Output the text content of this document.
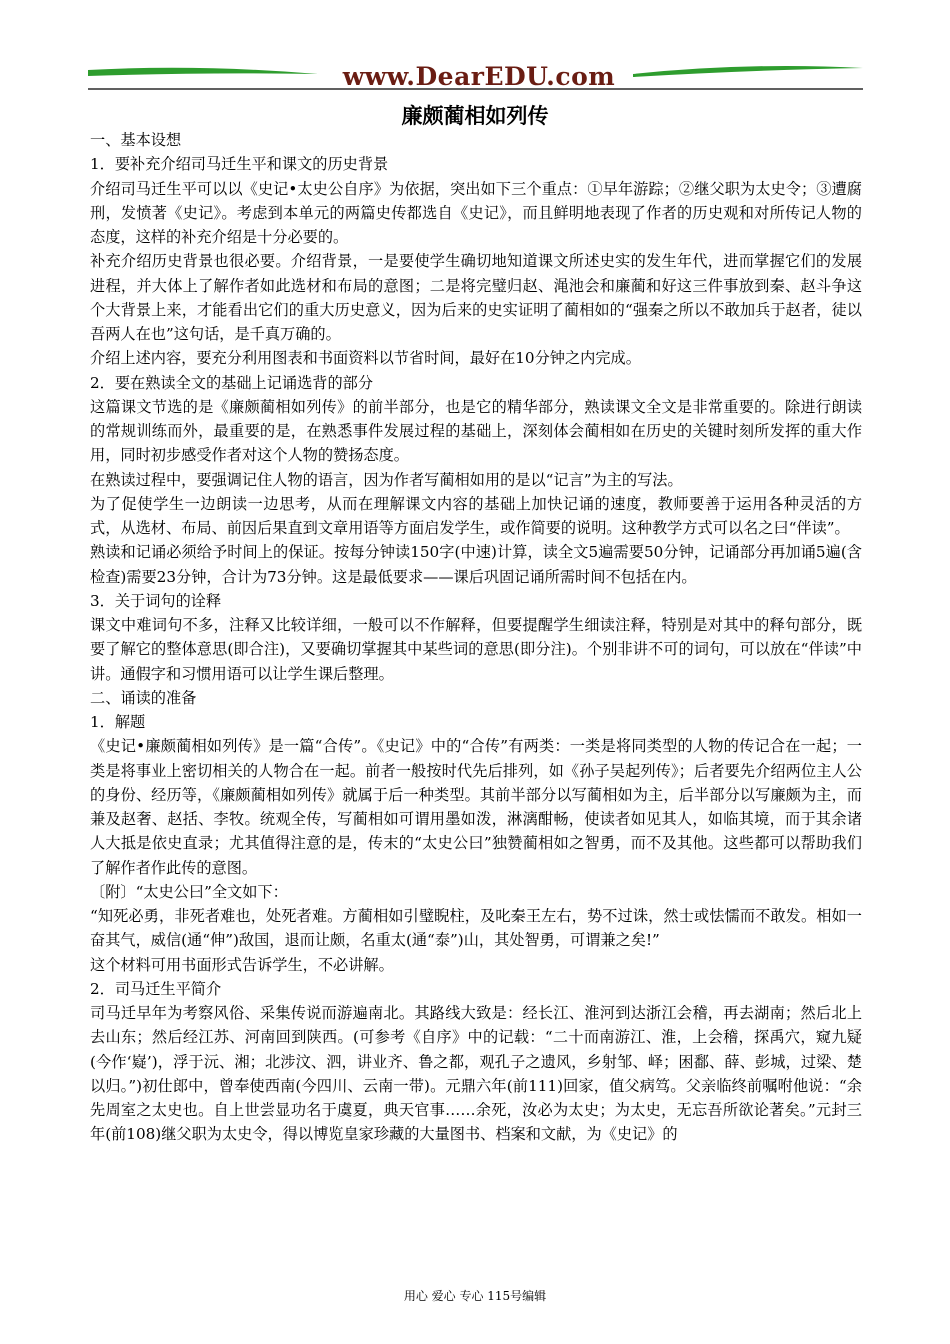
www.DearEDU.com
廉颇蔺相如列传

一、基本设想

1．要补充介绍司马迁生平和课文的历史背景

介绍司马迁生平可以以《史记•太史公自序》为依据，突出如下三个重点：①早年游踪；②继父职为太史令；③遭腐刑，发愤著《史记》。考虑到本单元的两篇史传都选自《史记》，而且鲜明地表现了作者的历史观和对所传记人物的态度，这样的补充介绍是十分必要的。

补充介绍历史背景也很必要。介绍背景，一是要使学生确切地知道课文所述史实的发生年代，进而掌握它们的发展进程，并大体上了解作者如此选材和布局的意图；二是将完璧归赵、渑池会和廉蔺和好这三件事放到秦、赵斗争这个大背景上来，才能看出它们的重大历史意义，因为后来的史实证明了蔺相如的“强秦之所以不敢加兵于赵者，徒以吾两人在也”这句话，是千真万确的。

介绍上述内容，要充分利用图表和书面资料以节省时间，最好在10分钟之内完成。

2．要在熟读全文的基础上记诵选背的部分

这篇课文节选的是《廉颇蔺相如列传》的前半部分，也是它的精华部分，熟读课文全文是非常重要的。除进行朗读的常规训练而外，最重要的是，在熟悉事件发展过程的基础上，深刻体会蔺相如在历史的关键时刻所发挥的重大作用，同时初步感受作者对这个人物的赞扬态度。

在熟读过程中，要强调记住人物的语言，因为作者写蔺相如用的是以“记言”为主的写法。

为了促使学生一边朗读一边思考，从而在理解课文内容的基础上加快记诵的速度，教师要善于运用各种灵活的方式，从选材、布局、前因后果直到文章用语等方面启发学生，或作简要的说明。这种教学方式可以名之曰“伴读”。

熟读和记诵必须给予时间上的保证。按每分钟读150字(中速)计算，读全文5遍需要50分钟，记诵部分再加诵5遍(含检查)需要23分钟，合计为73分钟。这是最低要求——课后巩固记诵所需时间不包括在内。

3．关于词句的诠释

课文中难词句不多，注释又比较详细，一般可以不作解释，但要提醒学生细读注释，特别是对其中的释句部分，既要了解它的整体意思(即合注)，又要确切掌握其中某些词的意思(即分注)。个别非讲不可的词句，可以放在“伴读”中讲。通假字和习惯用语可以让学生课后整理。

二、诵读的准备

1．解题

《史记•廉颇蔺相如列传》是一篇“合传”。《史记》中的“合传”有两类：一类是将同类型的人物的传记合在一起；一类是将事业上密切相关的人物合在一起。前者一般按时代先后排列，如《孙子吴起列传》；后者要先介绍两位主人公的身份、经历等，《廉颇蔺相如列传》就属于后一种类型。其前半部分以写蔺相如为主，后半部分以写廉颇为主，而兼及赵奢、赵括、李牧。统观全传，写蔺相如可谓用墨如泼，淋漓酣畅，使读者如见其人，如临其境，而于其余诸人大抵是依史直录；尤其值得注意的是，传末的“太史公曰”独赞蔺相如之智勇，而不及其他。这些都可以帮助我们了解作者作此传的意图。

〔附〕“太史公曰”全文如下：

“知死必勇，非死者难也，处死者难。方蔺相如引璧睨柱，及叱秦王左右，势不过诛，然士或怯懦而不敢发。相如一奋其气，威信(通“伸”)敌国，退而让颇，名重太(通“泰”)山，其处智勇，可谓兼之矣!”

这个材料可用书面形式告诉学生，不必讲解。

2．司马迁生平简介

司马迁早年为考察风俗、采集传说而游遍南北。其路线大致是：经长江、淮河到达浙江会稽，再去湖南；然后北上去山东；然后经江苏、河南回到陕西。(可参考《自序》中的记载：“二十而南游江、淮，上会稽，探禹穴，窥九疑(今作‘嶷’)，浮于沅、湘；北涉汶、泗，讲业齐、鲁之都，观孔子之遗风，乡射邹、峄；困鄱、薛、彭城，过梁、楚以归。”)初仕郎中，曾奉使西南(今四川、云南一带)。元鼎六年(前111)回家，值父病笃。父亲临终前嘱咐他说：“余先周室之太史也。自上世尝显功名于虞夏，典天官事……余死，汝必为太史；为太史，无忘吾所欲论著矣。”元封三年(前108)继父职为太史令，得以博览皇家珍藏的大量图书、档案和文献，为《史记》的

用心 爱心 专心 115号编辑
